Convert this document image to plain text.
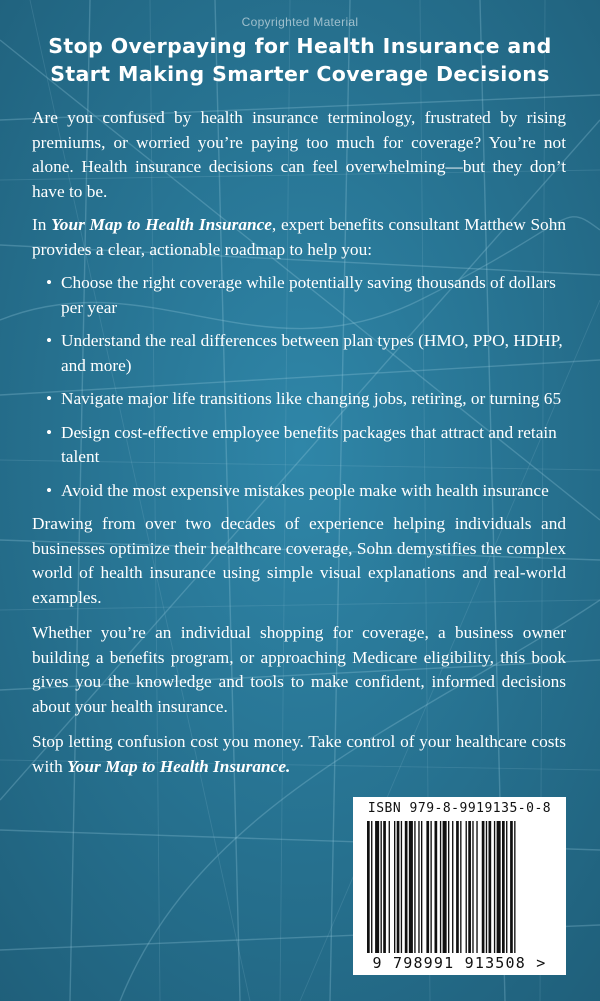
Copyrighted Material
Stop Overpaying for Health Insurance and
Start Making Smarter Coverage Decisions

Are you confused by health insurance terminology, frustrated by rising premiums, or worried you’re paying too much for coverage? You’re not alone. Health insurance decisions can feel overwhelming—but they don’t have to be.

In Your Map to Health Insurance, expert benefits consultant Matthew Sohn provides a clear, actionable roadmap to help you:

• Choose the right coverage while potentially saving thousands of dollars per year
• Understand the real differences between plan types (HMO, PPO, HDHP, and more)
• Navigate major life transitions like changing jobs, retiring, or turning 65
• Design cost-effective employee benefits packages that attract and retain talent
• Avoid the most expensive mistakes people make with health insurance

Drawing from over two decades of experience helping individuals and businesses optimize their healthcare coverage, Sohn demystifies the complex world of health insurance using simple visual explanations and real-world examples.

Whether you’re an individual shopping for coverage, a business owner building a benefits program, or approaching Medicare eligibility, this book gives you the knowledge and tools to make confident, informed decisions about your health insurance.

Stop letting confusion cost you money. Take control of your healthcare costs with Your Map to Health Insurance.

ISBN 979-8-9919135-0-8
9 798991 913508 >
